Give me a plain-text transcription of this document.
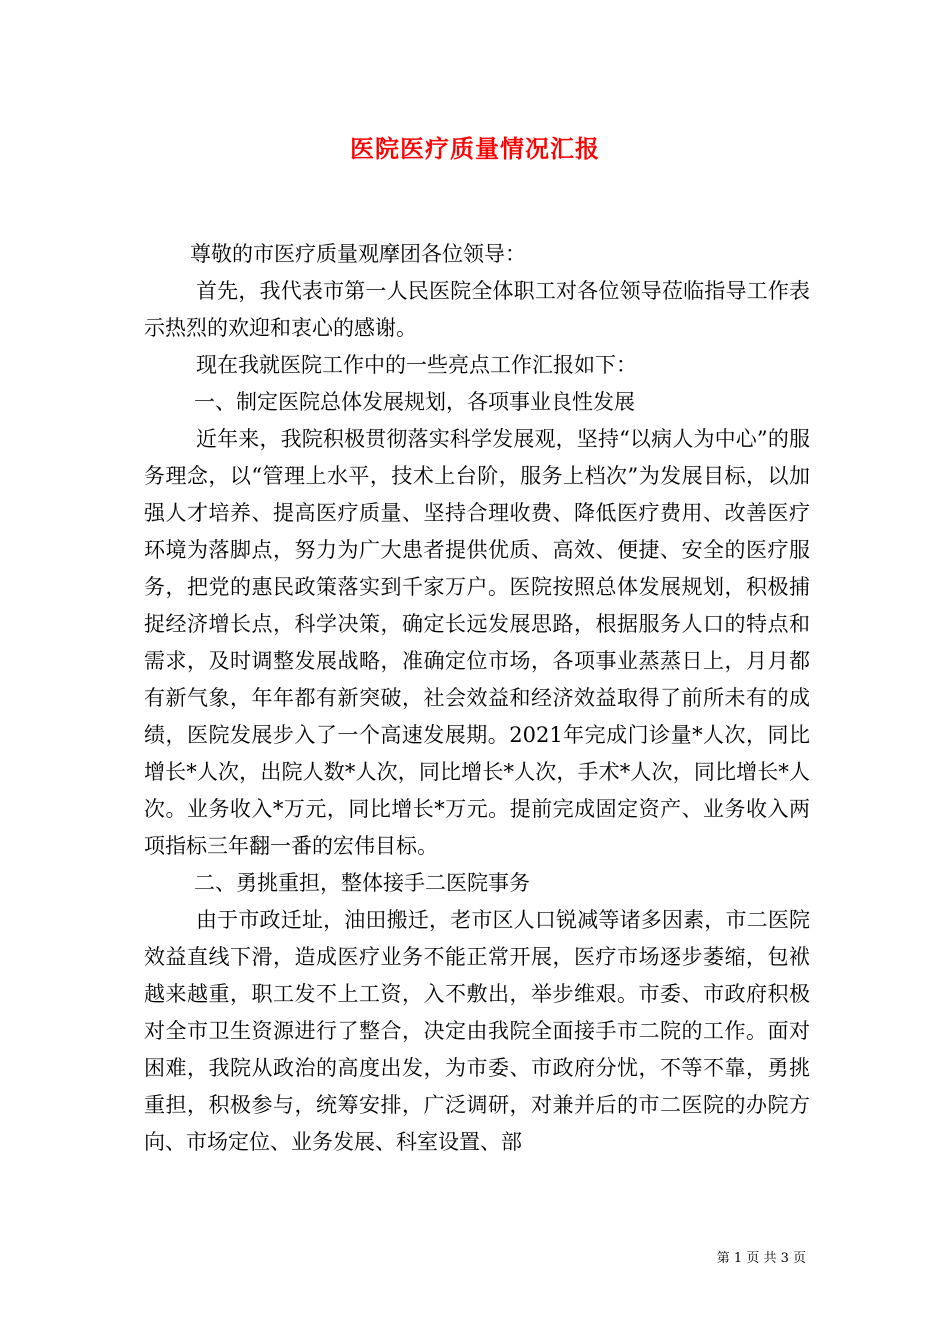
医院医疗质量情况汇报

尊敬的市医疗质量观摩团各位领导：

首先，我代表市第一人民医院全体职工对各位领导莅临指导工作表示热烈的欢迎和衷心的感谢。

现在我就医院工作中的一些亮点工作汇报如下：

一、制定医院总体发展规划，各项事业良性发展

近年来，我院积极贯彻落实科学发展观，坚持“以病人为中心”的服务理念，以“管理上水平，技术上台阶，服务上档次”为发展目标，以加强人才培养、提高医疗质量、坚持合理收费、降低医疗费用、改善医疗环境为落脚点，努力为广大患者提供优质、高效、便捷、安全的医疗服务，把党的惠民政策落实到千家万户。医院按照总体发展规划，积极捕捉经济增长点，科学决策，确定长远发展思路，根据服务人口的特点和需求，及时调整发展战略，准确定位市场，各项事业蒸蒸日上，月月都有新气象，年年都有新突破，社会效益和经济效益取得了前所未有的成绩，医院发展步入了一个高速发展期。2021年完成门诊量*人次，同比增长*人次，出院人数*人次，同比增长*人次，手术*人次，同比增长*人次。业务收入*万元，同比增长*万元。提前完成固定资产、业务收入两项指标三年翻一番的宏伟目标。

二、勇挑重担，整体接手二医院事务

由于市政迁址，油田搬迁，老市区人口锐减等诸多因素，市二医院效益直线下滑，造成医疗业务不能正常开展，医疗市场逐步萎缩，包袱越来越重，职工发不上工资，入不敷出，举步维艰。市委、市政府积极对全市卫生资源进行了整合，决定由我院全面接手市二院的工作。面对困难，我院从政治的高度出发，为市委、市政府分忧，不等不靠，勇挑重担，积极参与，统筹安排，广泛调研，对兼并后的市二医院的办院方向、市场定位、业务发展、科室设置、部

第 1 页 共 3 页
